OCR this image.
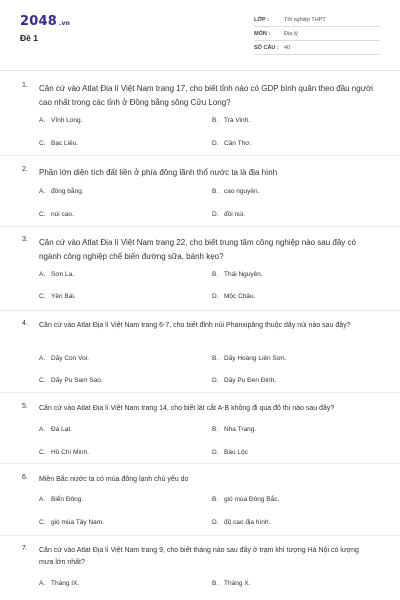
2048 .vn
Đề 1
LỚP :	Tốt nghiệp THPT
MÔN :	Địa lý
SỐ CÂU : 40
1. Căn cứ vào Atlat Địa lí Việt Nam trang 17, cho biết tỉnh nào có GDP bình quân theo đầu người cao nhất trong các tỉnh ở Đồng bằng sông Cửu Long?
A. Vĩnh Long.	B. Trà Vinh.
C. Bạc Liêu.	D. Cần Thơ.
2. Phần lớn diện tích đất liền ở phía đông lãnh thổ nước ta là địa hình
A. đồng bằng.	B. cao nguyên.
C. núi cao.	D. đồi núi.
3. Căn cứ vào Atlat Địa lí Việt Nam trang 22, cho biết trung tâm công nghiệp nào sau đây có ngành công nghiệp chế biến đường sữa, bánh kẹo?
A. Sơn La.	B. Thái Nguyên.
C. Yên Bái.	D. Mộc Châu.
4. Căn cứ vào Atlat Địa lí Việt Nam trang 6-7, cho biết đỉnh núi Phanxipăng thuộc dãy núi nào sau đây?
A. Dãy Con Voi.	B. Dãy Hoàng Liên Sơn.
C. Dãy Pu Sam Sao.	D. Dãy Pu Đen Đinh.
5. Căn cứ vào Atlat Địa lí Việt Nam trang 14, cho biết lát cắt A-B không đi qua đô thị nào sau đây?
A. Đà Lạt.	B. Nha Trang.
C. Hồ Chí Minh.	D. Bảo Lộc
6. Miền Bắc nước ta có mùa đông lạnh chủ yếu do
A. Biển Đông.	B. gió mùa Đông Bắc.
C. gió mùa Tây Nam.	D. độ cao địa hình.
7. Căn cứ vào Atlat Địa lí Việt Nam trang 9, cho biết tháng nào sau đây ở trạm khí tượng Hà Nội có lượng mưa lớn nhất?
A. Tháng IX.	B. Tháng X.
